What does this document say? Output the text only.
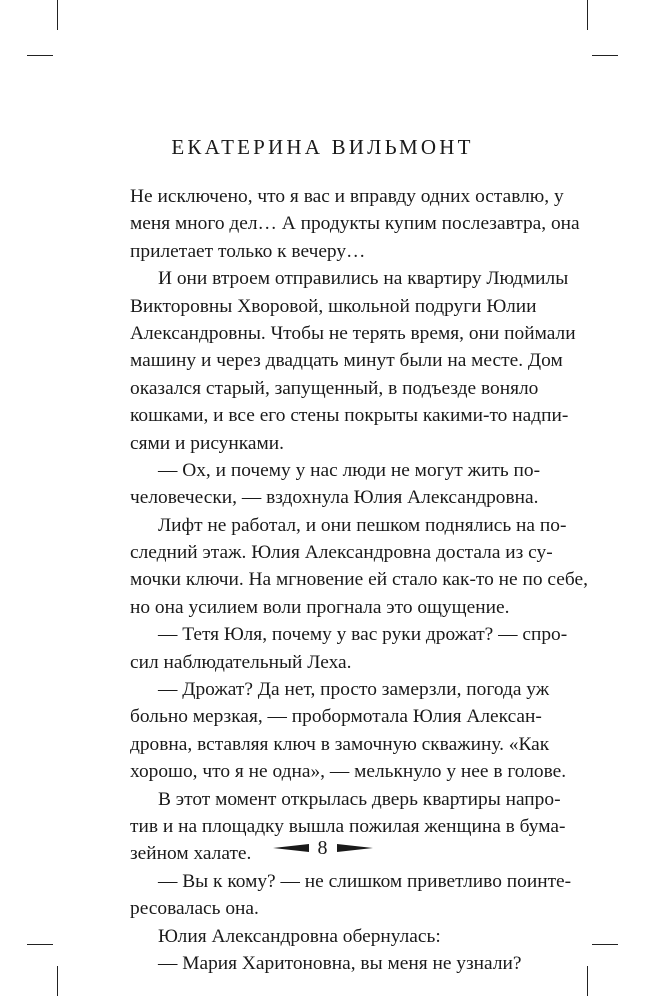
ЕКАТЕРИНА ВИЛЬМОНТ
Не исключено, что я вас и вправду одних оставлю, у
меня много дел… А продукты купим послезавтра, она
прилетает только к вечеру…
И они втроем отправились на квартиру Людмилы
Викторовны Хворовой, школьной подруги Юлии
Александровны. Чтобы не терять время, они поймали
машину и через двадцать минут были на месте. Дом
оказался старый, запущенный, в подъезде воняло
кошками, и все его стены покрыты какими-то надпи-
сями и рисунками.
— Ох, и почему у нас люди не могут жить по-
человечески, — вздохнула Юлия Александровна.
Лифт не работал, и они пешком поднялись на по-
следний этаж. Юлия Александровна достала из су-
мочки ключи. На мгновение ей стало как-то не по себе,
но она усилием воли прогнала это ощущение.
— Тетя Юля, почему у вас руки дрожат? — спро-
сил наблюдательный Леха.
— Дрожат? Да нет, просто замерзли, погода уж
больно мерзкая, — пробормотала Юлия Алексан-
дровна, вставляя ключ в замочную скважину. «Как
хорошо, что я не одна», — мелькнуло у нее в голове.
В этот момент открылась дверь квартиры напро-
тив и на площадку вышла пожилая женщина в бума-
зейном халате.
— Вы к кому? — не слишком приветливо поинте-
ресовалась она.
Юлия Александровна обернулась:
— Мария Харитоновна, вы меня не узнали?
8
